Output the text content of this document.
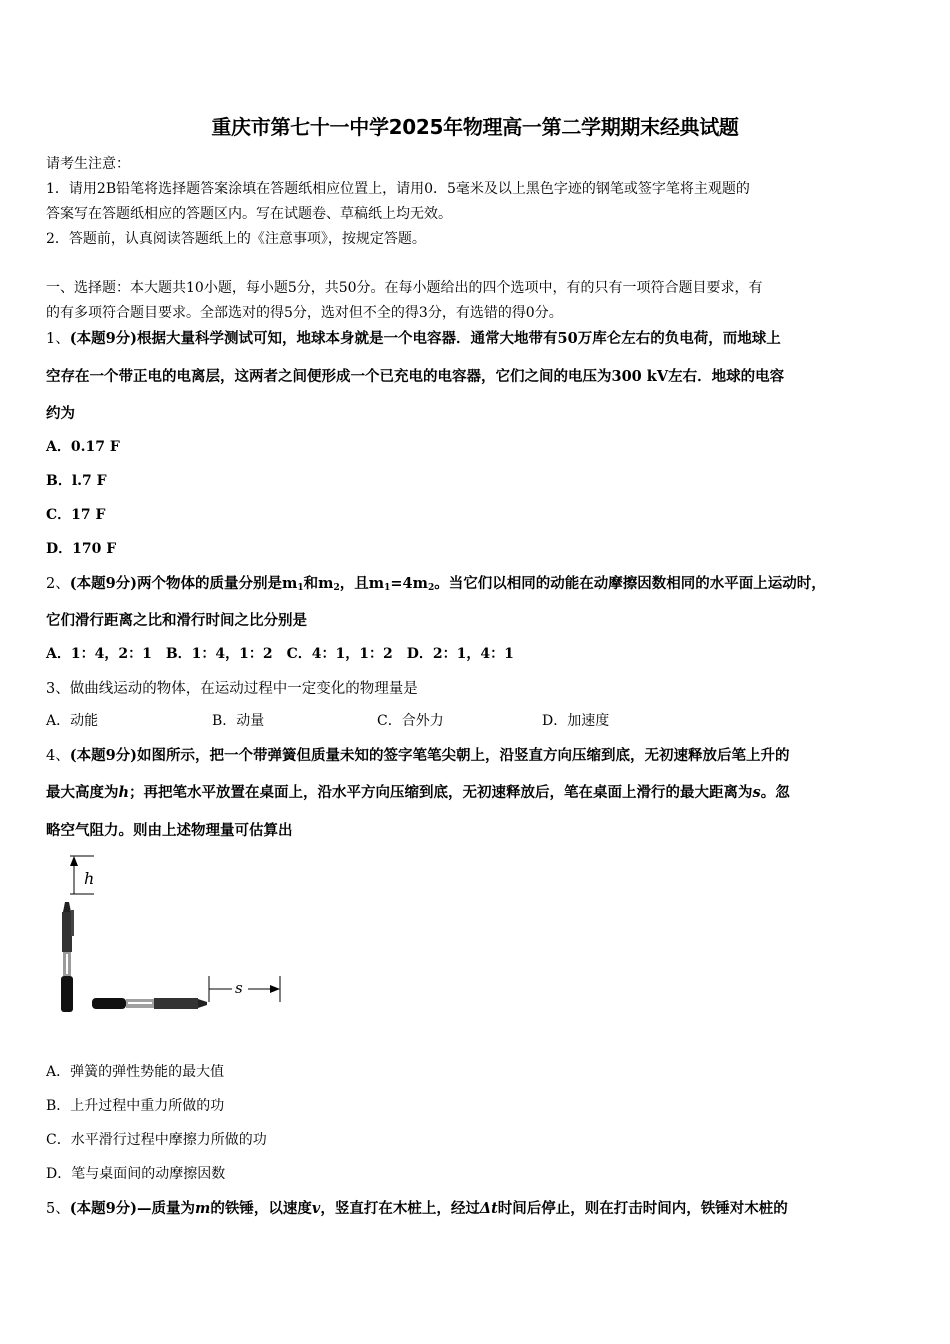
重庆市第七十一中学2025年物理高一第二学期期末经典试题
请考生注意：
1．请用2B铅笔将选择题答案涂填在答题纸相应位置上，请用0．5毫米及以上黑色字迹的钢笔或签字笔将主观题的
答案写在答题纸相应的答题区内。写在试题卷、草稿纸上均无效。
2．答题前，认真阅读答题纸上的《注意事项》，按规定答题。
一、选择题：本大题共10小题，每小题5分，共50分。在每小题给出的四个选项中，有的只有一项符合题目要求，有
的有多项符合题目要求。全部选对的得5分，选对但不全的得3分，有选错的得0分。
1、(本题9分)根据大量科学测试可知，地球本身就是一个电容器．通常大地带有50万库仑左右的负电荷，而地球上
空存在一个带正电的电离层，这两者之间便形成一个已充电的电容器，它们之间的电压为300 kV左右．地球的电容
约为
A．0.17 F
B．l.7 F
C．17 F
D．170 F
2、(本题9分)两个物体的质量分别是$m_1$和$m_2$，且$m_1=4m_2$。当它们以相同的动能在动摩擦因数相同的水平面上运动时，
它们滑行距离之比和滑行时间之比分别是
A．1：4，2：1　B．1：4，1：2　C．4：1，1：2　D．2：1，4：1
3、做曲线运动的物体，在运动过程中一定变化的物理量是
A．动能	B．动量	C．合外力	D．加速度
4、(本题9分)如图所示，把一个带弹簧但质量未知的签字笔笔尖朝上，沿竖直方向压缩到底，无初速释放后笔上升的
最大高度为h；再把笔水平放置在桌面上，沿水平方向压缩到底，无初速释放后，笔在桌面上滑行的最大距离为s。忽
略空气阻力。则由上述物理量可估算出
h
s
A．弹簧的弹性势能的最大值
B．上升过程中重力所做的功
C．水平滑行过程中摩擦力所做的功
D．笔与桌面间的动摩擦因数
5、(本题9分)—质量为m的铁锤，以速度v，竖直打在木桩上，经过Δt时间后停止，则在打击时间内，铁锤对木桩的
